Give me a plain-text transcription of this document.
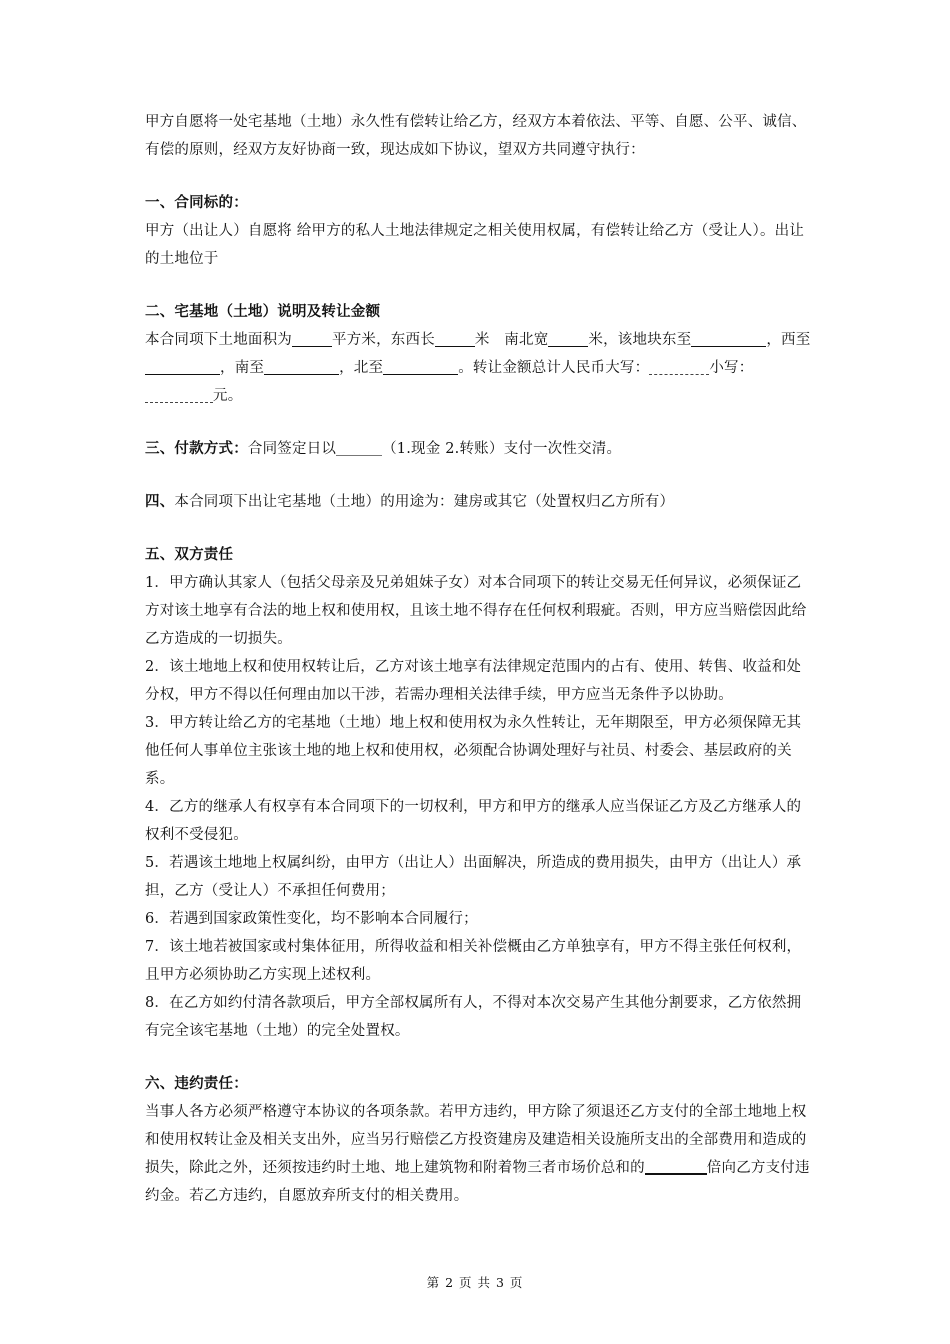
甲方自愿将一处宅基地（土地）永久性有偿转让给乙方，经双方本着依法、平等、自愿、公平、诚信、有偿的原则，经双方友好协商一致，现达成如下协议，望双方共同遵守执行：

一、合同标的：

甲方（出让人）自愿将 给甲方的私人土地法律规定之相关使用权属，有偿转让给乙方（受让人）。出让的土地位于

二、宅基地（土地）说明及转让金额

本合同项下土地面积为	平方米，东西长	米　南北宽	米，该地块东至	，西至，南至	，北至	。转让金额总计人民币大写：	小写：元。

三、付款方式：合同签定日以	（1.现金 2.转账）支付一次性交清。

四、本合同项下出让宅基地（土地）的用途为：建房或其它（处置权归乙方所有）

五、双方责任

1．甲方确认其家人（包括父母亲及兄弟姐妹子女）对本合同项下的转让交易无任何异议，必须保证乙方对该土地享有合法的地上权和使用权，且该土地不得存在任何权利瑕疵。否则，甲方应当赔偿因此给乙方造成的一切损失。

2．该土地地上权和使用权转让后，乙方对该土地享有法律规定范围内的占有、使用、转售、收益和处分权，甲方不得以任何理由加以干涉，若需办理相关法律手续，甲方应当无条件予以协助。

3．甲方转让给乙方的宅基地（土地）地上权和使用权为永久性转让，无年期限至，甲方必须保障无其他任何人事单位主张该土地的地上权和使用权，必须配合协调处理好与社员、村委会、基层政府的关系。

4．乙方的继承人有权享有本合同项下的一切权利，甲方和甲方的继承人应当保证乙方及乙方继承人的权利不受侵犯。

5．若遇该土地地上权属纠纷，由甲方（出让人）出面解决，所造成的费用损失，由甲方（出让人）承担，乙方（受让人）不承担任何费用；

6．若遇到国家政策性变化，均不影响本合同履行；

7．该土地若被国家或村集体征用，所得收益和相关补偿概由乙方单独享有，甲方不得主张任何权利，且甲方必须协助乙方实现上述权利。

8．在乙方如约付清各款项后，甲方全部权属所有人，不得对本次交易产生其他分割要求，乙方依然拥有完全该宅基地（土地）的完全处置权。

六、违约责任：

当事人各方必须严格遵守本协议的各项条款。若甲方违约，甲方除了须退还乙方支付的全部土地地上权和使用权转让金及相关支出外，应当另行赔偿乙方投资建房及建造相关设施所支出的全部费用和造成的损失，除此之外，还须按违约时土地、地上建筑物和附着物三者市场价总和的	倍向乙方支付违约金。若乙方违约，自愿放弃所支付的相关费用。

第 2 页 共 3 页
